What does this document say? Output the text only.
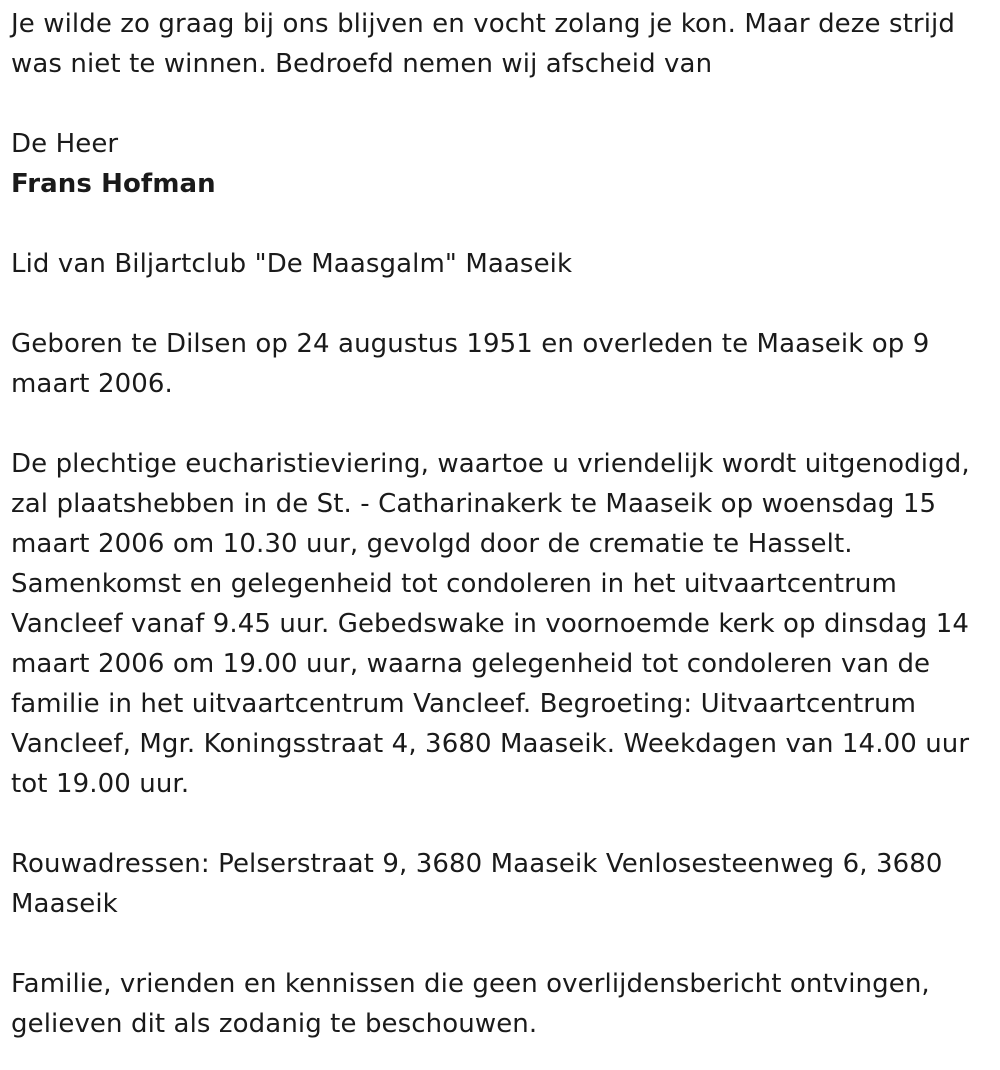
Je wilde zo graag bij ons blijven en vocht zolang je kon. Maar deze strijd was niet te winnen. Bedroefd nemen wij afscheid van

De Heer
Frans Hofman

Lid van Biljartclub "De Maasgalm" Maaseik

Geboren te Dilsen op 24 augustus 1951 en overleden te Maaseik op 9 maart 2006.

De plechtige eucharistieviering, waartoe u vriendelijk wordt uitgenodigd, zal plaatshebben in de St. - Catharinakerk te Maaseik op woensdag 15 maart 2006 om 10.30 uur, gevolgd door de crematie te Hasselt. Samenkomst en gelegenheid tot condoleren in het uitvaartcentrum Vancleef vanaf 9.45 uur. Gebedswake in voornoemde kerk op dinsdag 14 maart 2006 om 19.00 uur, waarna gelegenheid tot condoleren van de familie in het uitvaartcentrum Vancleef. Begroeting: Uitvaartcentrum Vancleef, Mgr. Koningsstraat 4, 3680 Maaseik. Weekdagen van 14.00 uur tot 19.00 uur.

Rouwadressen: Pelserstraat 9, 3680 Maaseik Venlosesteenweg 6, 3680 Maaseik

Familie, vrienden en kennissen die geen overlijdensbericht ontvingen, gelieven dit als zodanig te beschouwen.
